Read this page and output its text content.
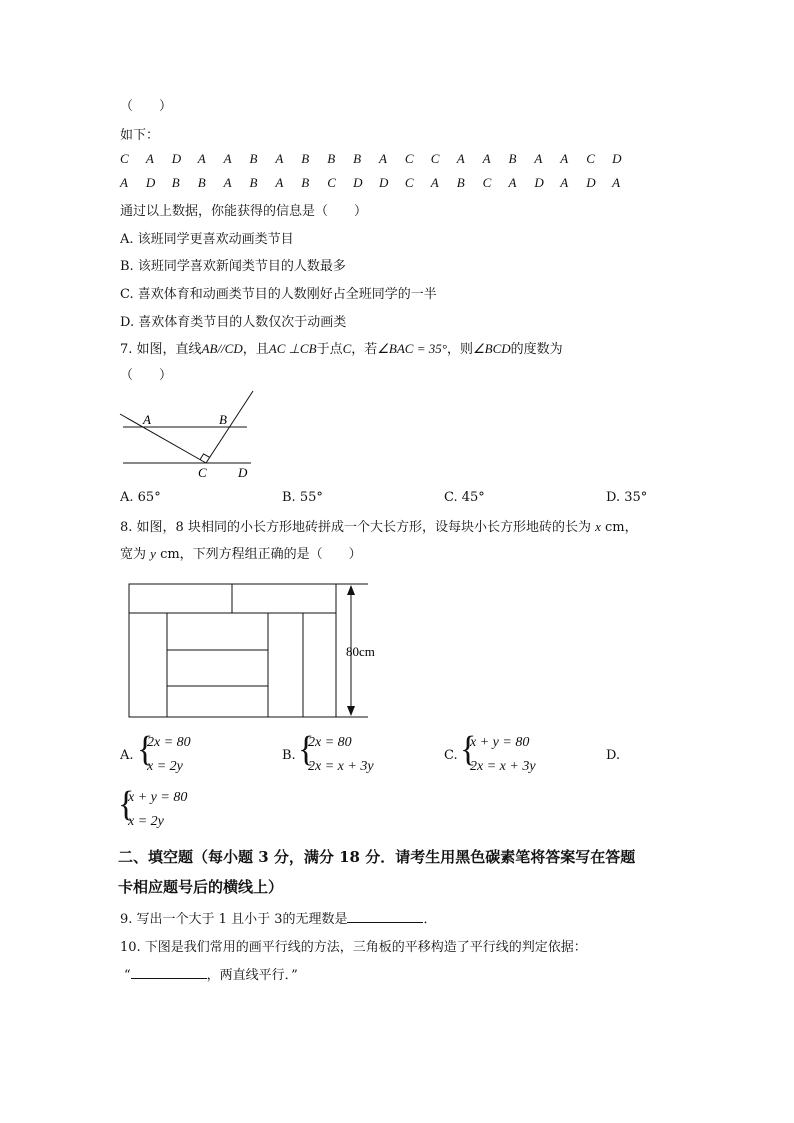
（　　）
如下：
C A D A A B A B B B A C C A A B A A C D
A D B B A B A B C D D C A B C A D A D A
通过以上数据，你能获得的信息是（　　）
A. 该班同学更喜欢动画类节目
B. 该班同学喜欢新闻类节目的人数最多
C. 喜欢体育和动画类节目的人数刚好占全班同学的一半
D. 喜欢体育类节目的人数仅次于动画类
7. 如图，直线AB//CD，且AC ⊥CB于点C，若∠BAC = 35°，则∠BCD的度数为
（　　）
A	B
C D
A. 65°	B. 55°	C. 45°	D. 35°
8. 如图，8 块相同的小长方形地砖拼成一个大长方形，设每块小长方形地砖的长为 x cm，
宽为 y cm，下列方程组正确的是（　　）
80cm
A. {
2x = 80
x = 2y
B. {
2x = 80
2x = x + 3y
C. {
x + y = 80
2x = x + 3y
D.
{
x + y = 80
x = 2y
二、填空题（每小题 3 分，满分 18 分．请考生用黑色碳素笔将答案写在答题
卡相应题号后的横线上）
9. 写出一个大于 1 且小于 3的无理数是	．
10. 下图是我们常用的画平行线的方法，三角板的平移构造了平行线的判定依据：
“	，两直线平行．”
